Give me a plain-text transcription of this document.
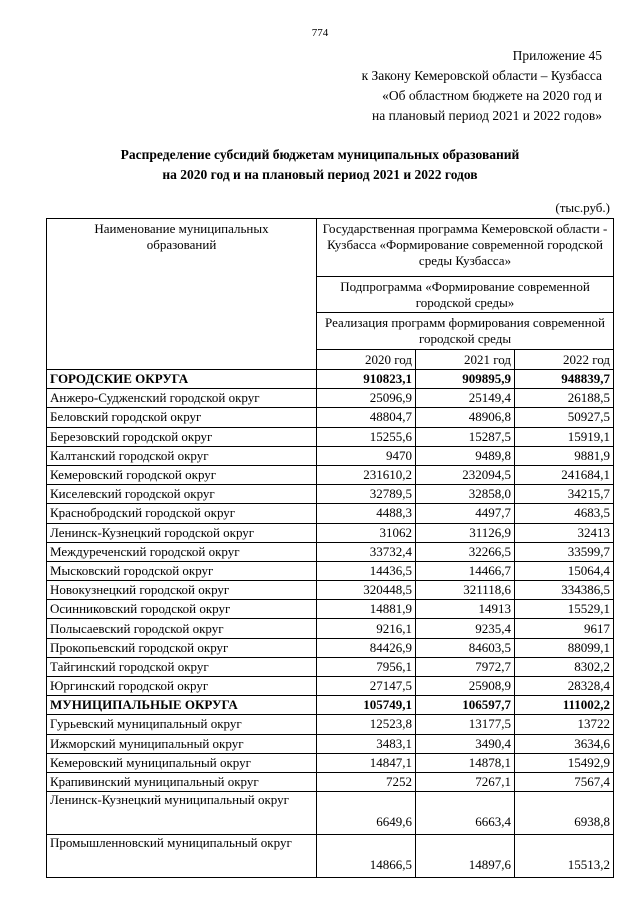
774
Приложение 45
к Закону Кемеровской области – Кузбасса
«Об областном бюджете на 2020 год и
на плановый период 2021 и 2022 годов»
Распределение субсидий бюджетам муниципальных образований
на 2020 год и на плановый период 2021 и 2022 годов
(тыс.руб.)
Наименование муниципальных образований	Государственная программа Кемеровской области - Кузбасса «Формирование современной городской среды Кузбасса»		
	Подпрограмма «Формирование современной городской среды»		
	Реализация программ формирования современной городской среды		
	2020 год	2021 год	2022 год
ГОРОДСКИЕ ОКРУГА	910823,1	909895,9	948839,7
Анжеро-Судженский городской округ	25096,9	25149,4	26188,5
Беловский городской округ	48804,7	48906,8	50927,5
Березовский городской округ	15255,6	15287,5	15919,1
Калтанский городской округ	9470	9489,8	9881,9
Кемеровский городской округ	231610,2	232094,5	241684,1
Киселевский городской округ	32789,5	32858,0	34215,7
Краснобродский городской округ	4488,3	4497,7	4683,5
Ленинск-Кузнецкий городской округ	31062	31126,9	32413
Междуреченский городской округ	33732,4	32266,5	33599,7
Мысковский городской округ	14436,5	14466,7	15064,4
Новокузнецкий городской округ	320448,5	321118,6	334386,5
Осинниковский городской округ	14881,9	14913	15529,1
Полысаевский городской округ	9216,1	9235,4	9617
Прокопьевский городской округ	84426,9	84603,5	88099,1
Тайгинский городской округ	7956,1	7972,7	8302,2
Юргинский городской округ	27147,5	25908,9	28328,4
МУНИЦИПАЛЬНЫЕ ОКРУГА	105749,1	106597,7	111002,2
Гурьевский муниципальный округ	12523,8	13177,5	13722
Ижморский муниципальный округ	3483,1	3490,4	3634,6
Кемеровский муниципальный округ	14847,1	14878,1	15492,9
Крапивинский муниципальный округ	7252	7267,1	7567,4
Ленинск-Кузнецкий муниципальный округ	6649,6	6663,4	6938,8
Промышленновский муниципальный округ	14866,5	14897,6	15513,2
